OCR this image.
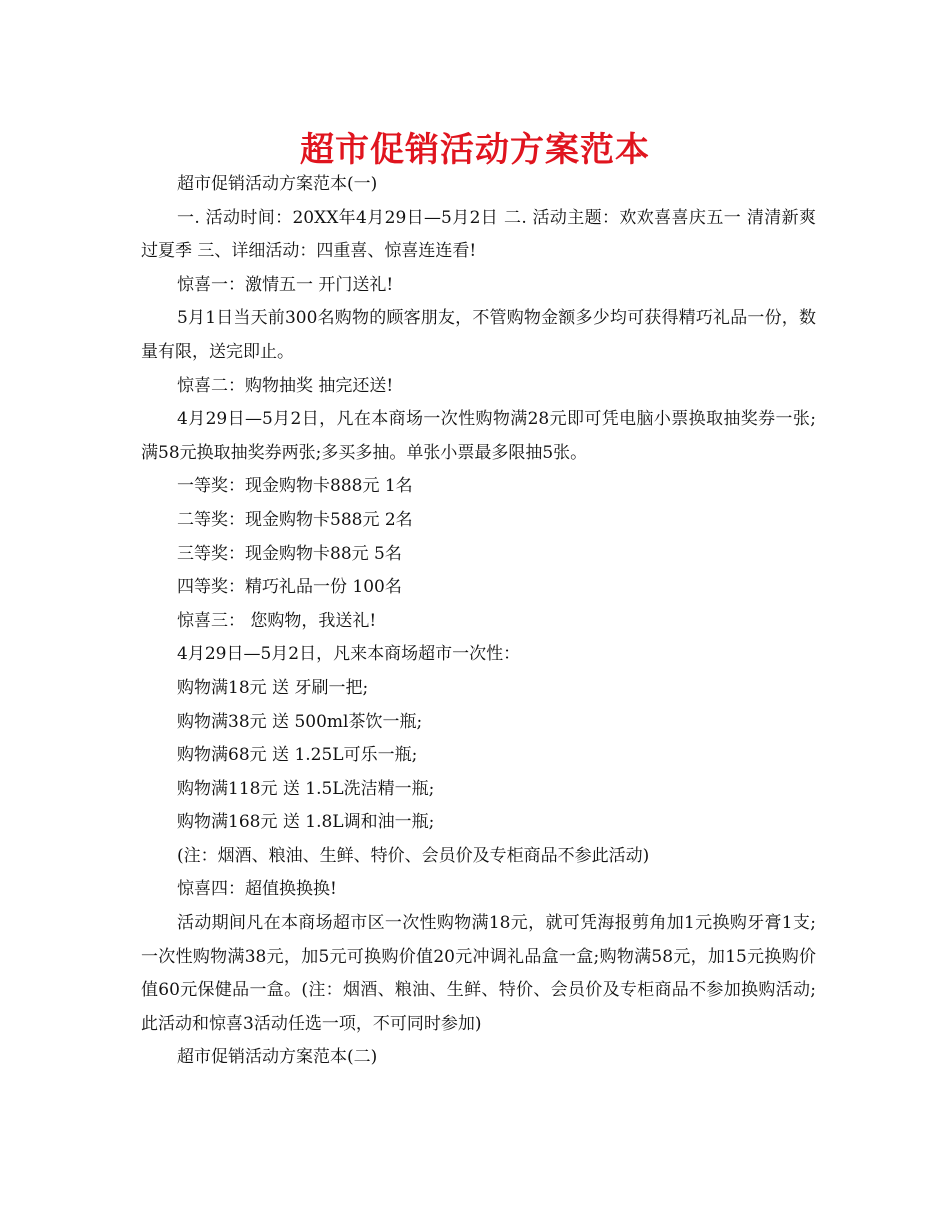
超市促销活动方案范本

超市促销活动方案范本(一)

一. 活动时间：20XX年4月29日—5月2日 二. 活动主题：欢欢喜喜庆五一 清清新爽过夏季 三、详细活动：四重喜、惊喜连连看!

惊喜一：激情五一 开门送礼!

5月1日当天前300名购物的顾客朋友，不管购物金额多少均可获得精巧礼品一份，数量有限，送完即止。

惊喜二：购物抽奖 抽完还送!

4月29日—5月2日，凡在本商场一次性购物满28元即可凭电脑小票换取抽奖券一张;满58元换取抽奖券两张;多买多抽。单张小票最多限抽5张。

一等奖：现金购物卡888元 1名

二等奖：现金购物卡588元 2名

三等奖：现金购物卡88元 5名

四等奖：精巧礼品一份 100名

惊喜三： 您购物，我送礼!

4月29日—5月2日，凡来本商场超市一次性：

购物满18元 送 牙刷一把;

购物满38元 送 500ml茶饮一瓶;

购物满68元 送 1.25L可乐一瓶;

购物满118元 送 1.5L洗洁精一瓶;

购物满168元 送 1.8L调和油一瓶;

(注：烟酒、粮油、生鲜、特价、会员价及专柜商品不参此活动)

惊喜四：超值换换换!

活动期间凡在本商场超市区一次性购物满18元，就可凭海报剪角加1元换购牙膏1支;一次性购物满38元，加5元可换购价值20元冲调礼品盒一盒;购物满58元，加15元换购价值60元保健品一盒。(注：烟酒、粮油、生鲜、特价、会员价及专柜商品不参加换购活动;此活动和惊喜3活动任选一项，不可同时参加)

超市促销活动方案范本(二)
